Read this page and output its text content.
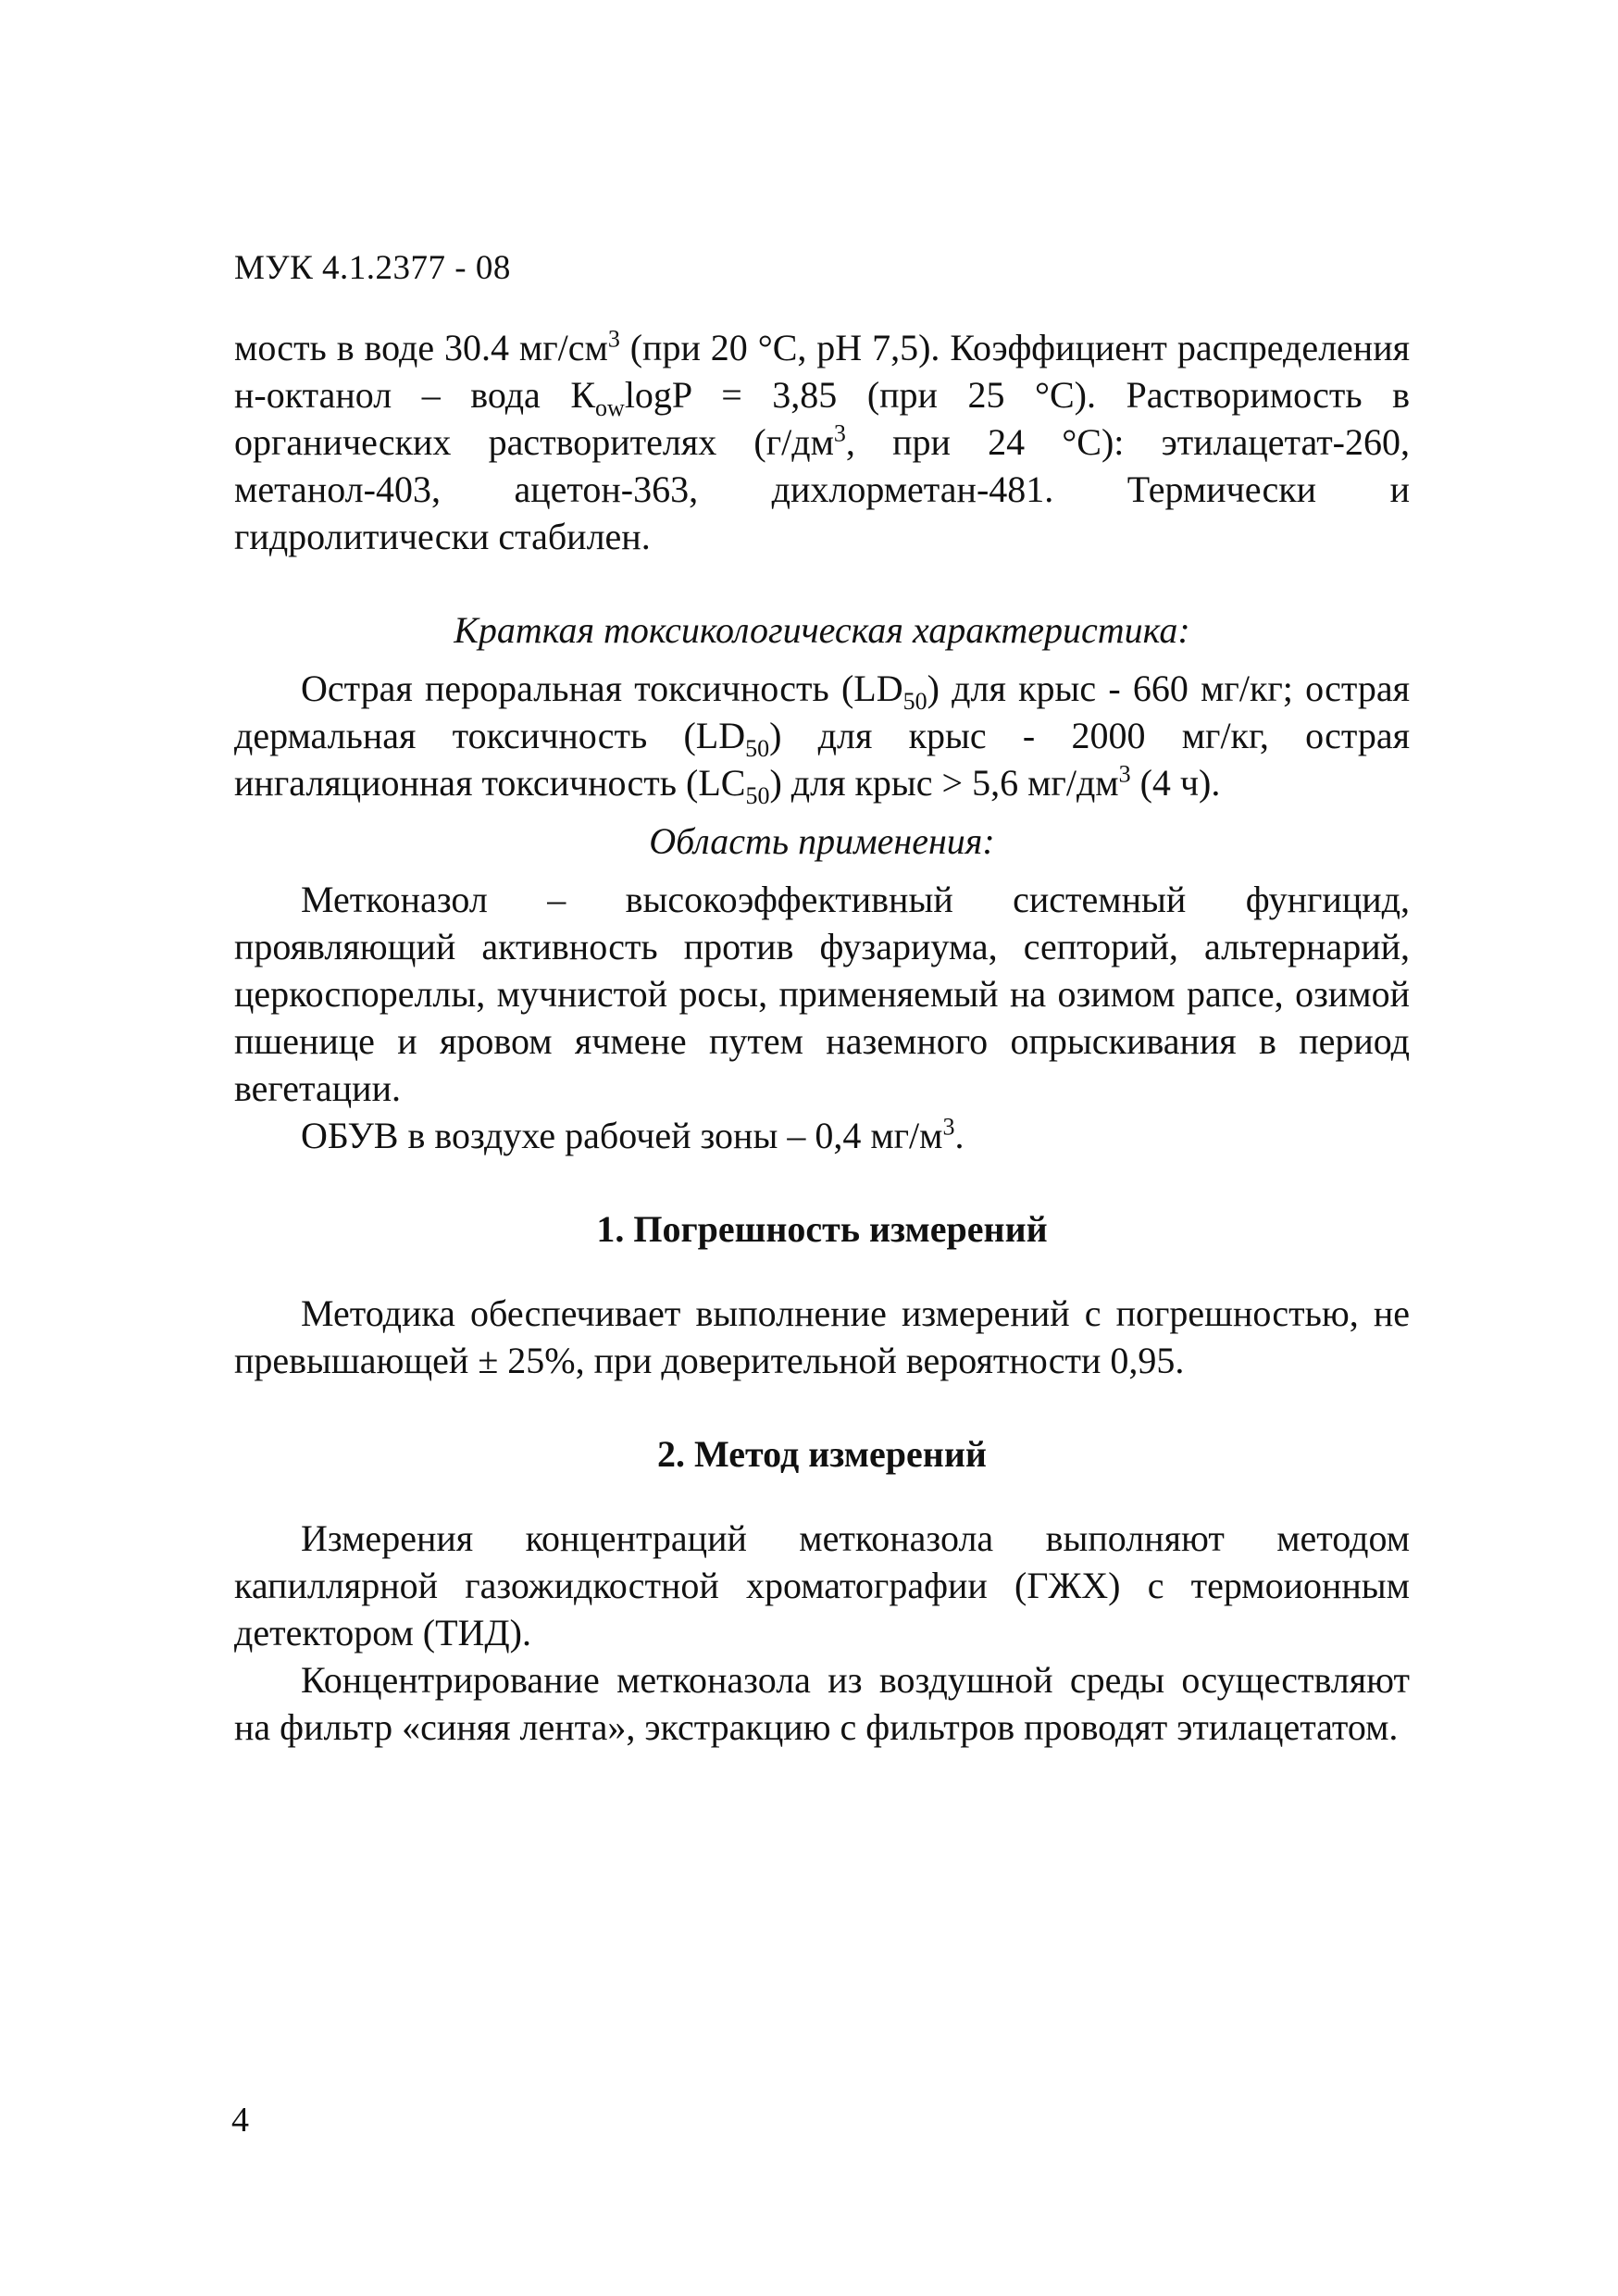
МУК 4.1.2377 - 08

мость в воде 30.4 $мг/см^3$ (при 20 °С, рН 7,5). Коэффициент распределения н-октанол – вода $К_{ow}\log P = 3,85$ (при 25 °С). Растворимость в органических растворителях ($г/дм^3$, при 24 °С): этилацетат-260, метанол-403, ацетон-363, дихлорметан-481. Термически и гидролитически стабилен.

Краткая токсикологическая характеристика:

Острая пероральная токсичность $(LD_{50})$ для крыс - 660 мг/кг; острая дермальная токсичность $(LD_{50})$ для крыс - 2000 мг/кг, острая ингаляционная токсичность $(LC_{50})$ для крыс > 5,6 $мг/дм^3$ (4 ч).

Область применения:

Метконазол – высокоэффективный системный фунгицид, проявляющий активность против фузариума, септорий, альтернарий, церкоспореллы, мучнистой росы, применяемый на озимом рапсе, озимой пшенице и яровом ячмене путем наземного опрыскивания в период вегетации.

ОБУВ в воздухе рабочей зоны – 0,4 $мг/м^3$.

1. Погрешность измерений

Методика обеспечивает выполнение измерений с погрешностью, не превышающей ± 25%, при доверительной вероятности 0,95.

2. Метод измерений

Измерения концентраций метконазола выполняют методом капиллярной газожидкостной хроматографии (ГЖХ) с термоионным детектором (ТИД).

Концентрирование метконазола из воздушной среды осуществляют на фильтр «синяя лента», экстракцию с фильтров проводят этилацетатом.

4
